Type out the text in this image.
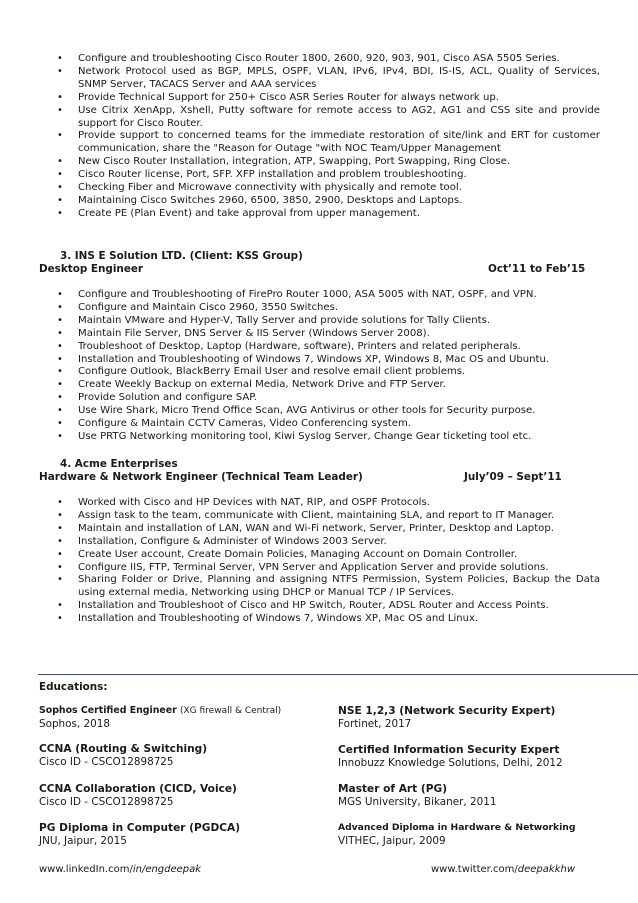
• Configure and troubleshooting Cisco Router 1800, 2600, 920, 903, 901, Cisco ASA 5505 Series.
• Network Protocol used as BGP, MPLS, OSPF, VLAN, IPv6, IPv4, BDI, IS-IS, ACL, Quality of Services, SNMP Server, TACACS Server and AAA services
• Provide Technical Support for 250+ Cisco ASR Series Router for always network up.
• Use Citrix XenApp, Xshell, Putty software for remote access to AG2, AG1 and CSS site and provide support for Cisco Router.
• Provide support to concerned teams for the immediate restoration of site/link and ERT for customer communication, share the "Reason for Outage "with NOC Team/Upper Management
• New Cisco Router Installation, integration, ATP, Swapping, Port Swapping, Ring Close.
• Cisco Router license, Port, SFP. XFP installation and problem troubleshooting.
• Checking Fiber and Microwave connectivity with physically and remote tool.
• Maintaining Cisco Switches 2960, 6500, 3850, 2900, Desktops and Laptops.
• Create PE (Plan Event) and take approval from upper management.
3. INS E Solution LTD. (Client: KSS Group)
Desktop Engineer	Oct’11 to Feb’15
• Configure and Troubleshooting of FirePro Router 1000, ASA 5005 with NAT, OSPF, and VPN.
• Configure and Maintain Cisco 2960, 3550 Switches.
• Maintain VMware and Hyper-V, Tally Server and provide solutions for Tally Clients.
• Maintain File Server, DNS Server & IIS Server (Windows Server 2008).
• Troubleshoot of Desktop, Laptop (Hardware, software), Printers and related peripherals.
• Installation and Troubleshooting of Windows 7, Windows XP, Windows 8, Mac OS and Ubuntu.
• Configure Outlook, BlackBerry Email User and resolve email client problems.
• Create Weekly Backup on external Media, Network Drive and FTP Server.
• Provide Solution and configure SAP.
• Use Wire Shark, Micro Trend Office Scan, AVG Antivirus or other tools for Security purpose.
• Configure & Maintain CCTV Cameras, Video Conferencing system.
• Use PRTG Networking monitoring tool, Kiwi Syslog Server, Change Gear ticketing tool etc.
4. Acme Enterprises
Hardware & Network Engineer (Technical Team Leader)	July’09 – Sept’11
• Worked with Cisco and HP Devices with NAT, RIP, and OSPF Protocols.
• Assign task to the team, communicate with Client, maintaining SLA, and report to IT Manager.
• Maintain and installation of LAN, WAN and Wi-Fi network, Server, Printer, Desktop and Laptop.
• Installation, Configure & Administer of Windows 2003 Server.
• Create User account, Create Domain Policies, Managing Account on Domain Controller.
• Configure IIS, FTP, Terminal Server, VPN Server and Application Server and provide solutions.
• Sharing Folder or Drive, Planning and assigning NTFS Permission, System Policies, Backup the Data using external media, Networking using DHCP or Manual TCP / IP Services.
• Installation and Troubleshoot of Cisco and HP Switch, Router, ADSL Router and Access Points.
• Installation and Troubleshooting of Windows 7, Windows XP, Mac OS and Linux.
Educations:
Sophos Certified Engineer (XG firewall & Central)
Sophos, 2018
CCNA (Routing & Switching)
Cisco ID - CSCO12898725
CCNA Collaboration (CICD, Voice)
Cisco ID - CSCO12898725
PG Diploma in Computer (PGDCA)
JNU, Jaipur, 2015
NSE 1,2,3 (Network Security Expert)
Fortinet, 2017
Certified Information Security Expert
Innobuzz Knowledge Solutions, Delhi, 2012
Master of Art (PG)
MGS University, Bikaner, 2011
Advanced Diploma in Hardware & Networking
VITHEC, Jaipur, 2009
www.linkedIn.com/in/engdeepak	www.twitter.com/deepakkhw
